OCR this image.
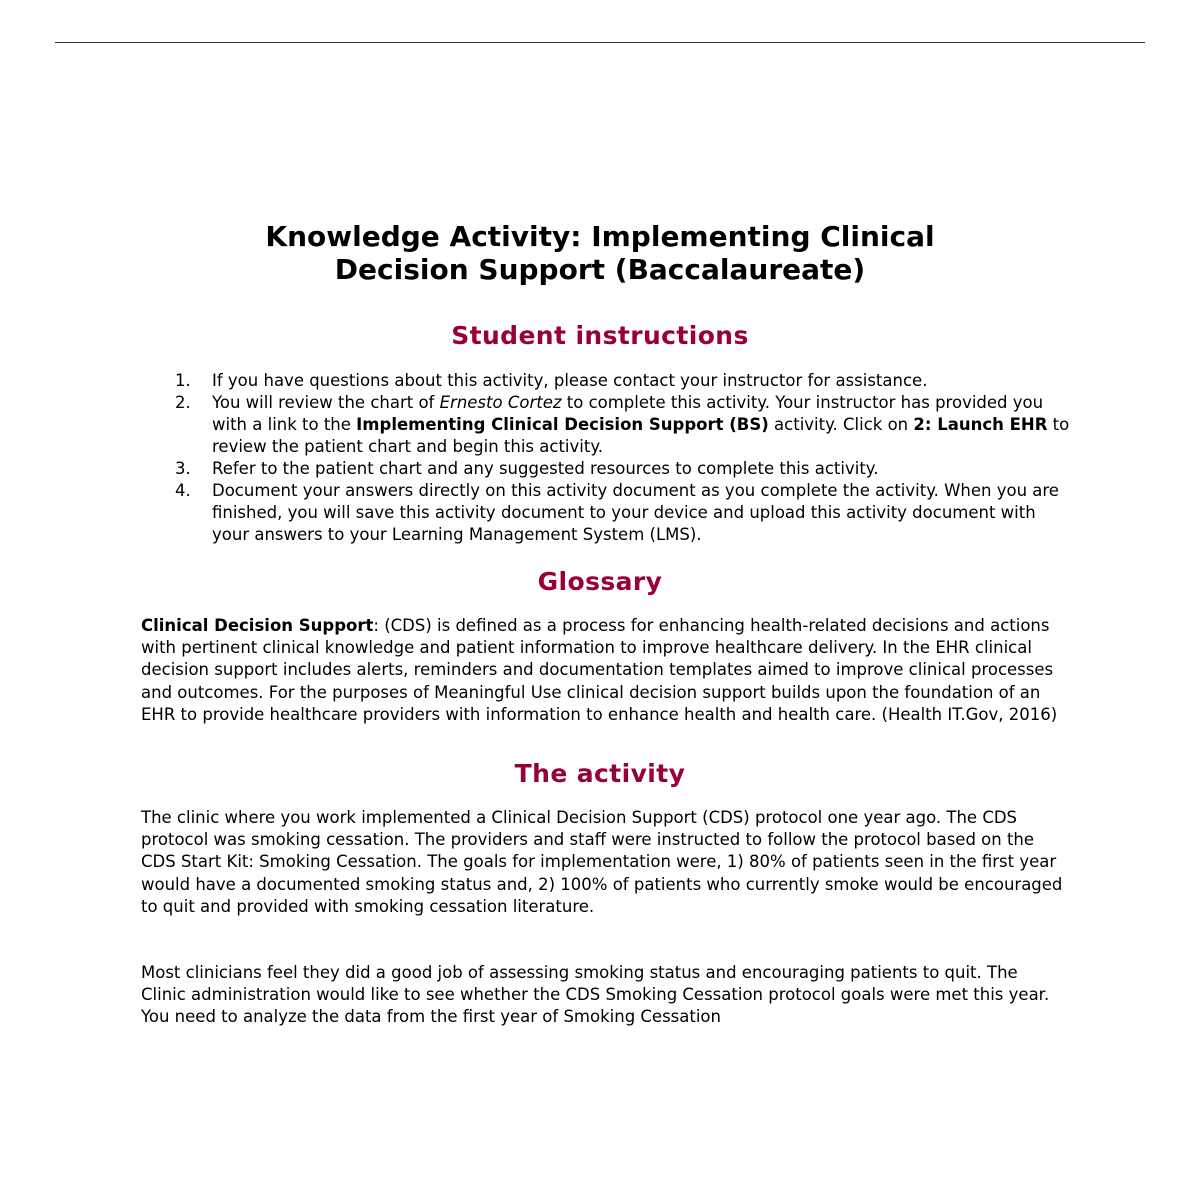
Knowledge Activity: Implementing Clinical
Decision Support (Baccalaureate)
Student instructions
1. If you have questions about this activity, please contact your instructor for assistance.
2. You will review the chart of Ernesto Cortez to complete this activity. Your instructor has provided you with a link to the Implementing Clinical Decision Support (BS) activity. Click on 2: Launch EHR to review the patient chart and begin this activity.
3. Refer to the patient chart and any suggested resources to complete this activity.
4. Document your answers directly on this activity document as you complete the activity. When you are finished, you will save this activity document to your device and upload this activity document with your answers to your Learning Management System (LMS).
Glossary

Clinical Decision Support: (CDS) is defined as a process for enhancing health-related decisions and actions with pertinent clinical knowledge and patient information to improve healthcare delivery. In the EHR clinical decision support includes alerts, reminders and documentation templates aimed to improve clinical processes and outcomes. For the purposes of Meaningful Use clinical decision support builds upon the foundation of an EHR to provide healthcare providers with information to enhance health and health care. (Health IT.Gov, 2016)

The activity

The clinic where you work implemented a Clinical Decision Support (CDS) protocol one year ago. The CDS protocol was smoking cessation. The providers and staff were instructed to follow the protocol based on the CDS Start Kit: Smoking Cessation. The goals for implementation were, 1) 80% of patients seen in the first year would have a documented smoking status and, 2) 100% of patients who currently smoke would be encouraged to quit and provided with smoking cessation literature.

Most clinicians feel they did a good job of assessing smoking status and encouraging patients to quit. The Clinic administration would like to see whether the CDS Smoking Cessation protocol goals were met this year. You need to analyze the data from the first year of Smoking Cessation
